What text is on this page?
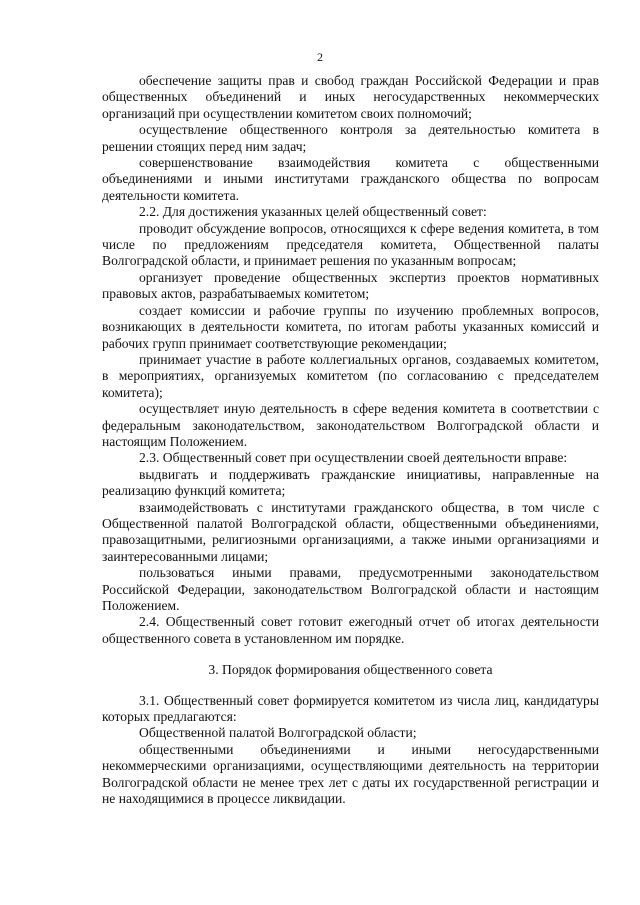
2

обеспечение защиты прав и свобод граждан Российской Федерации и прав общественных объединений и иных негосударственных некоммерческих организаций при осуществлении комитетом своих полномочий;

осуществление общественного контроля за деятельностью комитета в решении стоящих перед ним задач;

совершенствование взаимодействия комитета с общественными объединениями и иными институтами гражданского общества по вопросам деятельности комитета.

2.2. Для достижения указанных целей общественный совет:

проводит обсуждение вопросов, относящихся к сфере ведения комитета, в том числе по предложениям председателя комитета, Общественной палаты Волгоградской области, и принимает решения по указанным вопросам;

организует проведение общественных экспертиз проектов нормативных правовых актов, разрабатываемых комитетом;

создает комиссии и рабочие группы по изучению проблемных вопросов, возникающих в деятельности комитета, по итогам работы указанных комиссий и рабочих групп принимает соответствующие рекомендации;

принимает участие в работе коллегиальных органов, создаваемых комитетом, в мероприятиях, организуемых комитетом (по согласованию с председателем комитета);

осуществляет иную деятельность в сфере ведения комитета в соответствии с федеральным законодательством, законодательством Волгоградской области и настоящим Положением.

2.3. Общественный совет при осуществлении своей деятельности вправе:

выдвигать и поддерживать гражданские инициативы, направленные на реализацию функций комитета;

взаимодействовать с институтами гражданского общества, в том числе с Общественной палатой Волгоградской области, общественными объединениями, правозащитными, религиозными организациями, а также иными организациями и заинтересованными лицами;

пользоваться иными правами, предусмотренными законодательством Российской Федерации, законодательством Волгоградской области и настоящим Положением.

2.4. Общественный совет готовит ежегодный отчет об итогах деятельности общественного совета в установленном им порядке.

3. Порядок формирования общественного совета

3.1. Общественный совет формируется комитетом из числа лиц, кандидатуры которых предлагаются:

Общественной палатой Волгоградской области;

общественными объединениями и иными негосударственными некоммерческими организациями, осуществляющими деятельность на территории Волгоградской области не менее трех лет с даты их государственной регистрации и не находящимися в процессе ликвидации.
